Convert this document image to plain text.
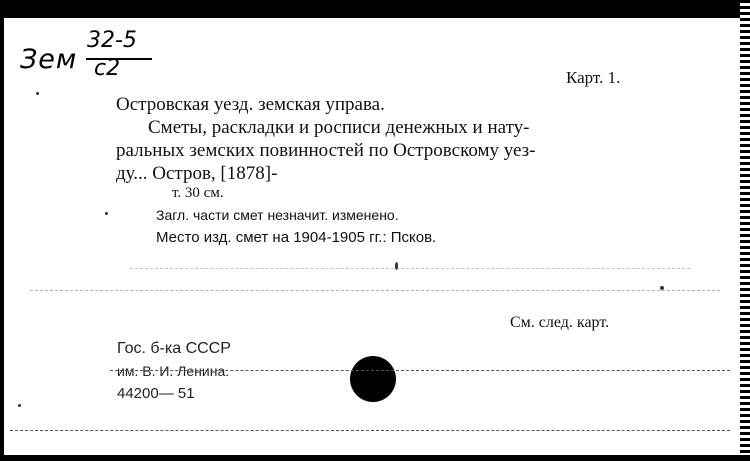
Зем
32-5
с2	Карт. 1.
Островская уезд. земская управа.
Сметы, раскладки и росписи денежных и нату-
ральных земских повинностей по Островскому уез-
ду... Остров, [1878]-
т. 30 см.
Загл. части смет незначит. изменено.
Место изд. смет на 1904-1905 гг.: Псков.
См. след. карт.
Гос. б-ка СССР
им. В. И. Ленина.
44200— 51
